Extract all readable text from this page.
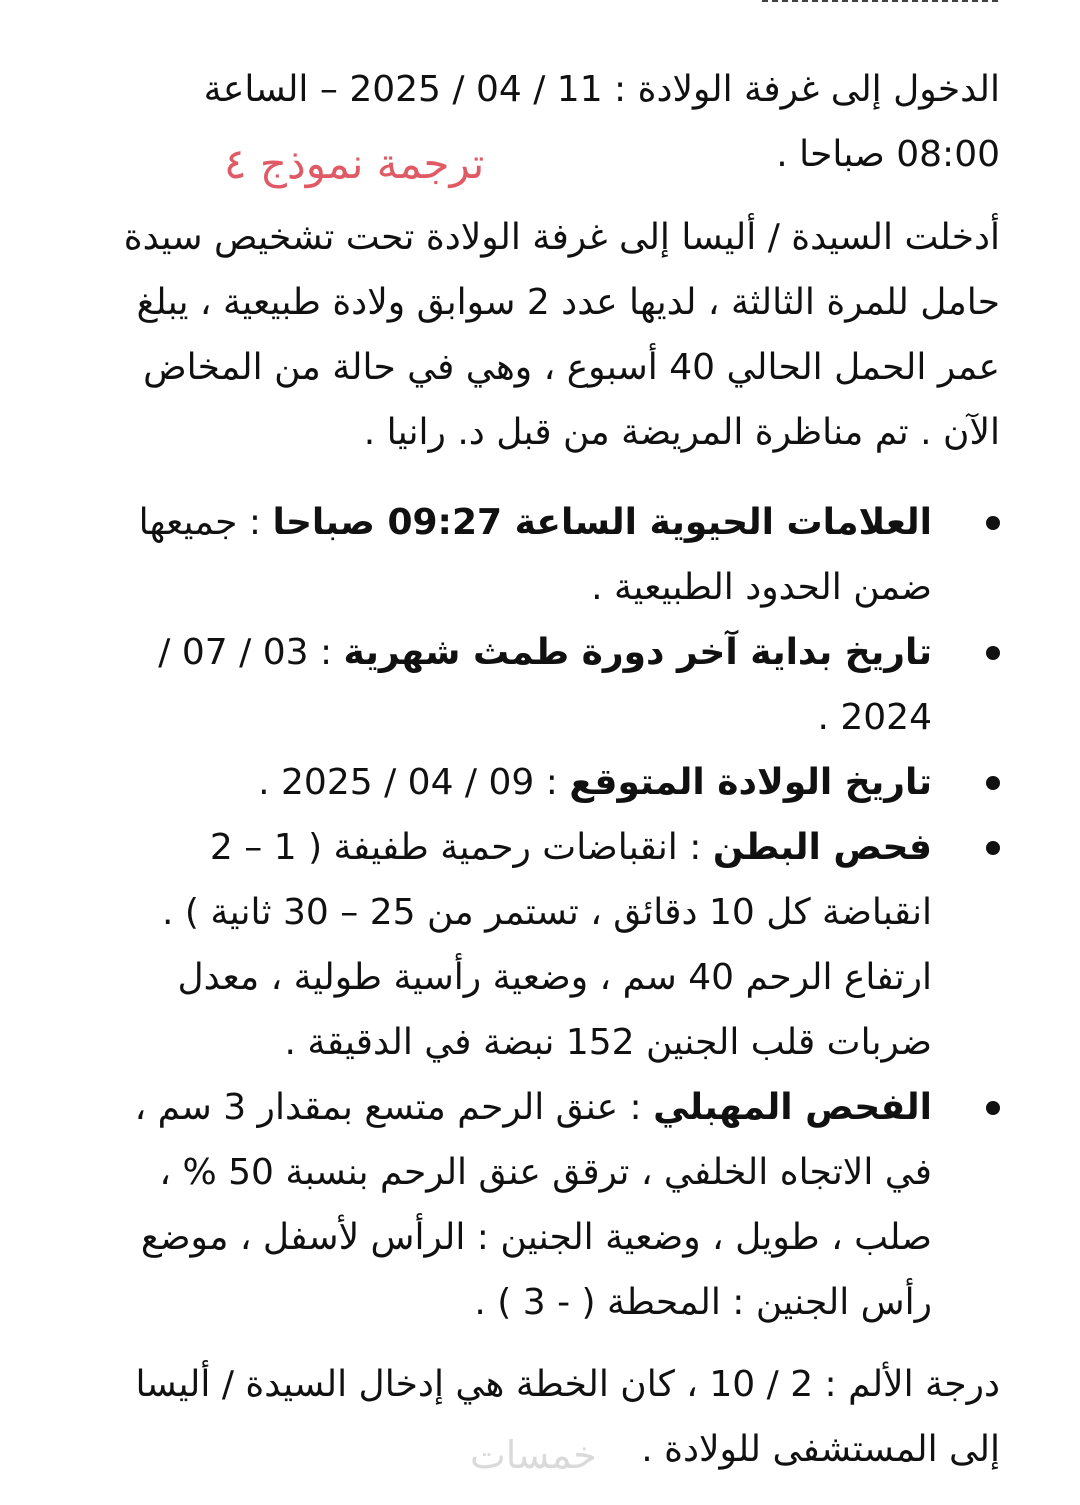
الدخول إلى غرفة الولادة : 11 / 04 / 2025 – الساعة 08:00 صباحا .

ترجمة نموذج ٤

أدخلت السيدة / أليسا إلى غرفة الولادة تحت تشخيص سيدة حامل للمرة الثالثة ، لديها عدد 2 سوابق ولادة طبيعية ، يبلغ عمر الحمل الحالي 40 أسبوع ، وهي في حالة من المخاض الآن . تم مناظرة المريضة من قبل د. رانيا .

العلامات الحيوية الساعة 09:27 صباحا : جميعها ضمن الحدود الطبيعية .
تاريخ بداية آخر دورة طمث شهرية : 03 / 07 / 2024 .
تاريخ الولادة المتوقع : 09 / 04 / 2025 .
فحص البطن : انقباضات رحمية طفيفة ( 1 – 2 انقباضة كل 10 دقائق ، تستمر من 25 – 30 ثانية ) . ارتفاع الرحم 40 سم ، وضعية رأسية طولية ، معدل ضربات قلب الجنين 152 نبضة في الدقيقة .
الفحص المهبلي : عنق الرحم متسع بمقدار 3 سم ، في الاتجاه الخلفي ، ترقق عنق الرحم بنسبة 50 % ، صلب ، طويل ، وضعية الجنين : الرأس لأسفل ، موضع رأس الجنين : المحطة ( - 3 ) .

درجة الألم : 2 / 10 ، كان الخطة هي إدخال السيدة / أليسا إلى المستشفى للولادة .

خمسات
